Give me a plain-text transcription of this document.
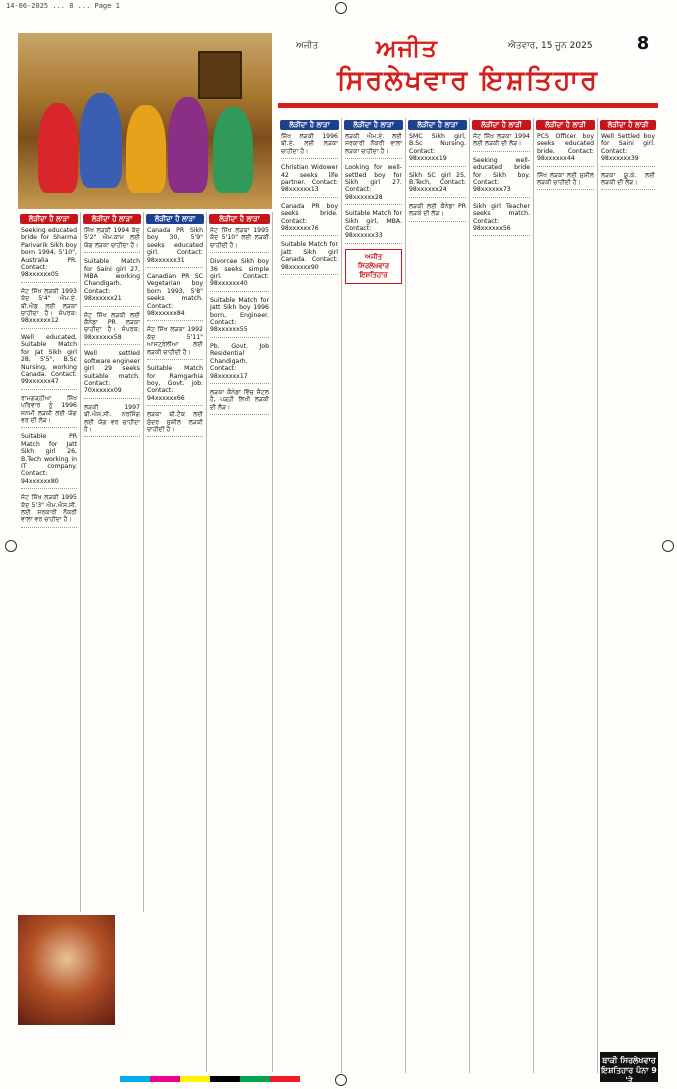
14-06-2025 ... 8 ... Page 1
ਅਜੀਤ ਅਜੀਤ	ਐਤਵਾਰ, 15 ਜੂਨ 2025 8
ਸਿਰਲੇਖਵਾਰ ਇਸ਼ਤਿਹਾਰ
ਲੋੜੀਂਦਾ ਹੈ ਲਾੜਾ
Seeking educated bride for Sharma Parivarik Sikh boy born 1994, 5'10", Australia PR. Contact: 98xxxxxx05
ਜੱਟ ਸਿੱਖ ਲੜਕੀ 1993 ਕੱਦ 5'4" ਐਮ.ਏ. ਬੀ.ਐਡ ਲਈ ਲੜਕਾ ਚਾਹੀਦਾ ਹੈ। ਸੰਪਰਕ: 98xxxxxx12
Well educated, Suitable Match for Jat Sikh girl 28, 5'5", B.Sc Nursing, working Canada. Contact: 99xxxxxx47
ਰਾਮਗੜ੍ਹੀਆ ਸਿੱਖ ਪਰਿਵਾਰ ਨੂੰ 1996 ਜਨਮੀ ਲੜਕੀ ਲਈ ਯੋਗ ਵਰ ਦੀ ਲੋੜ।
Suitable PR Match for Jatt Sikh girl 26, B.Tech working in IT company. Contact: 94xxxxxx80
ਜੱਟ ਸਿੱਖ ਲੜਕੀ 1995 ਕੱਦ 5'3" ਐਮ.ਐਸ.ਸੀ. ਲਈ ਸਰਕਾਰੀ ਨੌਕਰੀ ਵਾਲਾ ਵਰ ਚਾਹੀਦਾ ਹੈ।
ਲੋੜੀਂਦਾ ਹੈ ਲਾੜਾ
ਸਿੱਖ ਲੜਕੀ 1994 ਕੱਦ 5'2" ਐਮ.ਕਾਮ ਲਈ ਯੋਗ ਲੜਕਾ ਚਾਹੀਦਾ ਹੈ।
Suitable Match for Saini girl 27, MBA working Chandigarh. Contact: 98xxxxxx21
ਜੱਟ ਸਿੱਖ ਲੜਕੀ ਲਈ ਕੈਨੇਡਾ PR ਲੜਕਾ ਚਾਹੀਦਾ ਹੈ। ਸੰਪਰਕ: 98xxxxxx58
Well settled software engineer girl 29 seeks suitable match. Contact: 70xxxxxx09
ਲੜਕੀ 1997 ਬੀ.ਐਸ.ਸੀ. ਨਰਸਿੰਗ ਲਈ ਯੋਗ ਵਰ ਚਾਹੀਦਾ ਹੈ।
ਲੋੜੀਂਦਾ ਹੈ ਲਾੜਾ
Canada PR Sikh boy 30, 5'9" seeks educated girl. Contact: 98xxxxxx31
Canadian PR SC Vegetarian boy born 1993, 5'8" seeks match. Contact: 98xxxxxx84
ਜੱਟ ਸਿੱਖ ਲੜਕਾ 1992 ਕੱਦ 5'11" ਆਸਟ੍ਰੇਲੀਆ ਲਈ ਲੜਕੀ ਚਾਹੀਦੀ ਹੈ।
Suitable Match for Ramgarhia boy, Govt. job. Contact: 94xxxxxx66
ਲੜਕਾ ਬੀ.ਟੈਕ ਲਈ ਸੁੰਦਰ ਸੁਸ਼ੀਲ ਲੜਕੀ ਚਾਹੀਦੀ ਹੈ।
ਲੋੜੀਂਦਾ ਹੈ ਲਾੜਾ
ਜੱਟ ਸਿੱਖ ਲੜਕਾ 1995 ਕੱਦ 5'10" ਲਈ ਲੜਕੀ ਚਾਹੀਦੀ ਹੈ।
Divorcee Sikh boy 36 seeks simple girl. Contact: 98xxxxxx40
Suitable Match for Jatt Sikh boy 1996 born, Engineer. Contact: 98xxxxxx55
Pb. Govt. Job Residential Chandigarh. Contact: 98xxxxxx17
ਲੜਕਾ ਕੈਨੇਡਾ ਵਿੱਚ ਸੈਟਲ ਹੈ, ਪੜ੍ਹੀ ਲਿਖੀ ਲੜਕੀ ਦੀ ਲੋੜ।
ਲੋੜੀਂਦਾ ਹੈ ਲਾੜਾ
ਸਿੱਖ ਲੜਕੀ 1996 ਬੀ.ਏ. ਲਈ ਲੜਕਾ ਚਾਹੀਦਾ ਹੈ।
Christian Widower 42 seeks life partner. Contact: 98xxxxxx13
Canada PR boy seeks bride. Contact: 98xxxxxx76
Suitable Match for Jatt Sikh girl Canada. Contact: 98xxxxxx90
ਲੋੜੀਂਦਾ ਹੈ ਲਾੜਾ
ਲੜਕੀ ਐਮ.ਏ. ਲਈ ਸਰਕਾਰੀ ਨੌਕਰੀ ਵਾਲਾ ਲੜਕਾ ਚਾਹੀਦਾ ਹੈ।
Looking for well-settled boy for Sikh girl 27. Contact: 98xxxxxx28
Suitable Match for Sikh girl, MBA. Contact: 98xxxxxx33
ਅਜੀਤ ਸਿਰਲੇਖਵਾਰ ਇਸ਼ਤਿਹਾਰ
ਲੋੜੀਂਦਾ ਹੈ ਲਾੜਾ
SMC Sikh girl, B.Sc Nursing. Contact: 98xxxxxx19
Sikh SC girl 25, B.Tech, Contact: 98xxxxxx24
ਲੜਕੀ ਲਈ ਕੈਨੇਡਾ PR ਲੜਕੇ ਦੀ ਲੋੜ।
ਲੋੜੀਂਦਾ ਹੈ ਲਾੜੀ
ਜੱਟ ਸਿੱਖ ਲੜਕਾ 1994 ਲਈ ਲੜਕੀ ਦੀ ਲੋੜ।
Seeking well-educated bride for Sikh boy. Contact: 98xxxxxx73
Sikh girl Teacher seeks match. Contact: 98xxxxxx56
ਲੋੜੀਂਦਾ ਹੈ ਲਾੜੀ
PCS Officer boy seeks educated bride. Contact: 98xxxxxx44
ਸਿੱਖ ਲੜਕਾ ਲਈ ਸੁਸ਼ੀਲ ਲੜਕੀ ਚਾਹੀਦੀ ਹੈ।
ਲੋੜੀਂਦਾ ਹੈ ਲਾੜੀ
Well Settled boy for Saini girl. Contact: 98xxxxxx39
ਲੜਕਾ ਯੂ.ਕੇ. ਲਈ ਲੜਕੀ ਦੀ ਲੋੜ।
ਬਾਕੀ ਸਿਰਲੇਖਵਾਰ ਇਸ਼ਤਿਹਾਰ ਪੰਨਾ 9 'ਤੇ
